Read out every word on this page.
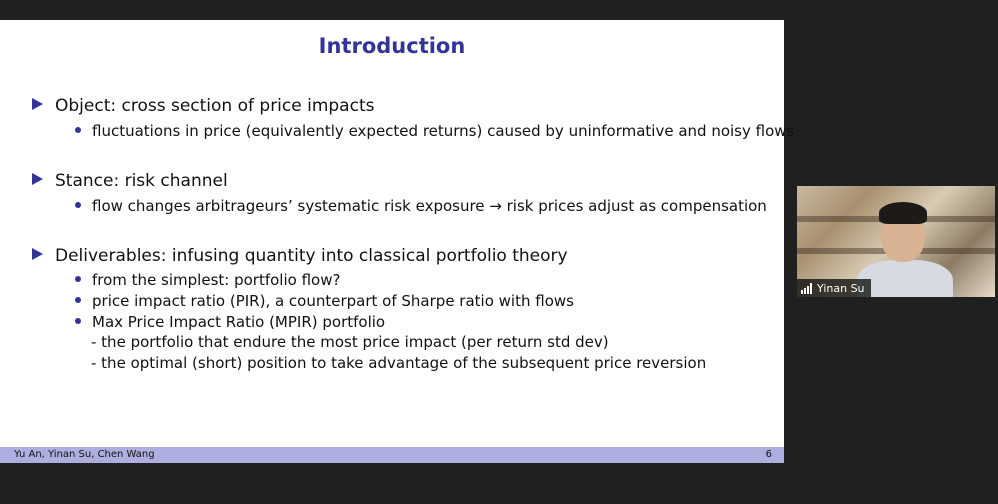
Introduction
Object: cross section of price impacts
fluctuations in price (equivalently expected returns) caused by uninformative and noisy flows
Stance: risk channel
flow changes arbitrageurs’ systematic risk exposure → risk prices adjust as compensation
Deliverables: infusing quantity into classical portfolio theory
from the simplest: portfolio flow?
price impact ratio (PIR), a counterpart of Sharpe ratio with flows
Max Price Impact Ratio (MPIR) portfolio
- the portfolio that endure the most price impact (per return std dev)
- the optimal (short) position to take advantage of the subsequent price reversion
Yu An, Yinan Su, Chen Wang	6
Yinan Su
